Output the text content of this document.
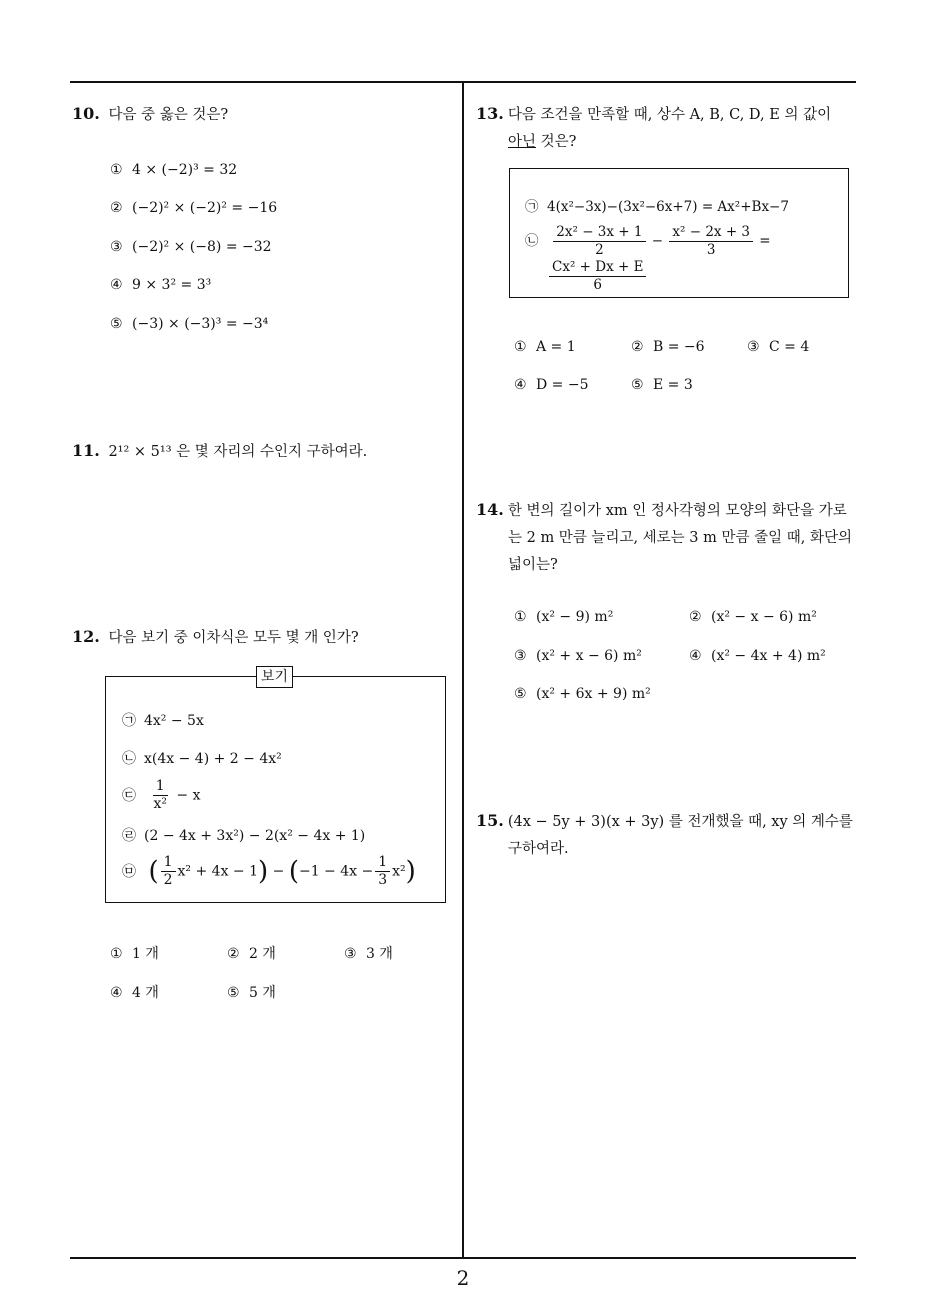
10. 다음 중 옳은 것은?
① 4 × (−2)³ = 32
② (−2)² × (−2)² = −16
③ (−2)² × (−8) = −32
④ 9 × 3² = 3³
⑤ (−3) × (−3)³ = −3⁴
11. 2¹² × 5¹³ 은 몇 자리의 수인지 구하여라.
12. 다음 보기 중 이차식은 모두 몇 개 인가?
보기
㉠ 4x² − 5x
㉡ x(4x − 4) + 2 − 4x²
㉢ $\frac{1}{\text{x²}} - x$
㉣ (2 − 4x + 3x²) − 2(x² − 4x + 1)
㉤ ( $\frac{1}{2} x^2 + 4x - 1) - (-1 - 4x - \frac{1}{3} x^2)$
① 1 개	② 2 개	③ 3 개
④ 4 개	⑤ 5 개
13. 다음 조건을 만족할 때, 상수 A, B, C, D, E 의 값이
아닌 것은?
㉠ 4(x²−3x)−(3x²−6x+7) = Ax²+Bx−7
㉡ $\frac{\text{2x² − 3x + 1}}{2} - \frac{\text{x² − 2x + 3}}{3}$ =
$\frac{\text{Cx² + Dx + E}}{6}$
① A = 1	② B = −6	③ C = 4
④ D = −5	⑤ E = 3
14. 한 변의 길이가 xm 인 정사각형의 모양의 화단을 가로
는 2 m 만큼 늘리고, 세로는 3 m 만큼 줄일 때, 화단의
넓이는?
① (x² − 9) m²	② (x² − x − 6) m²
③ (x² + x − 6) m²	④ (x² − 4x + 4) m²
⑤ (x² + 6x + 9) m²
15. (4x − 5y + 3)(x + 3y) 를 전개했을 때, xy 의 계수를
구하여라.
2
